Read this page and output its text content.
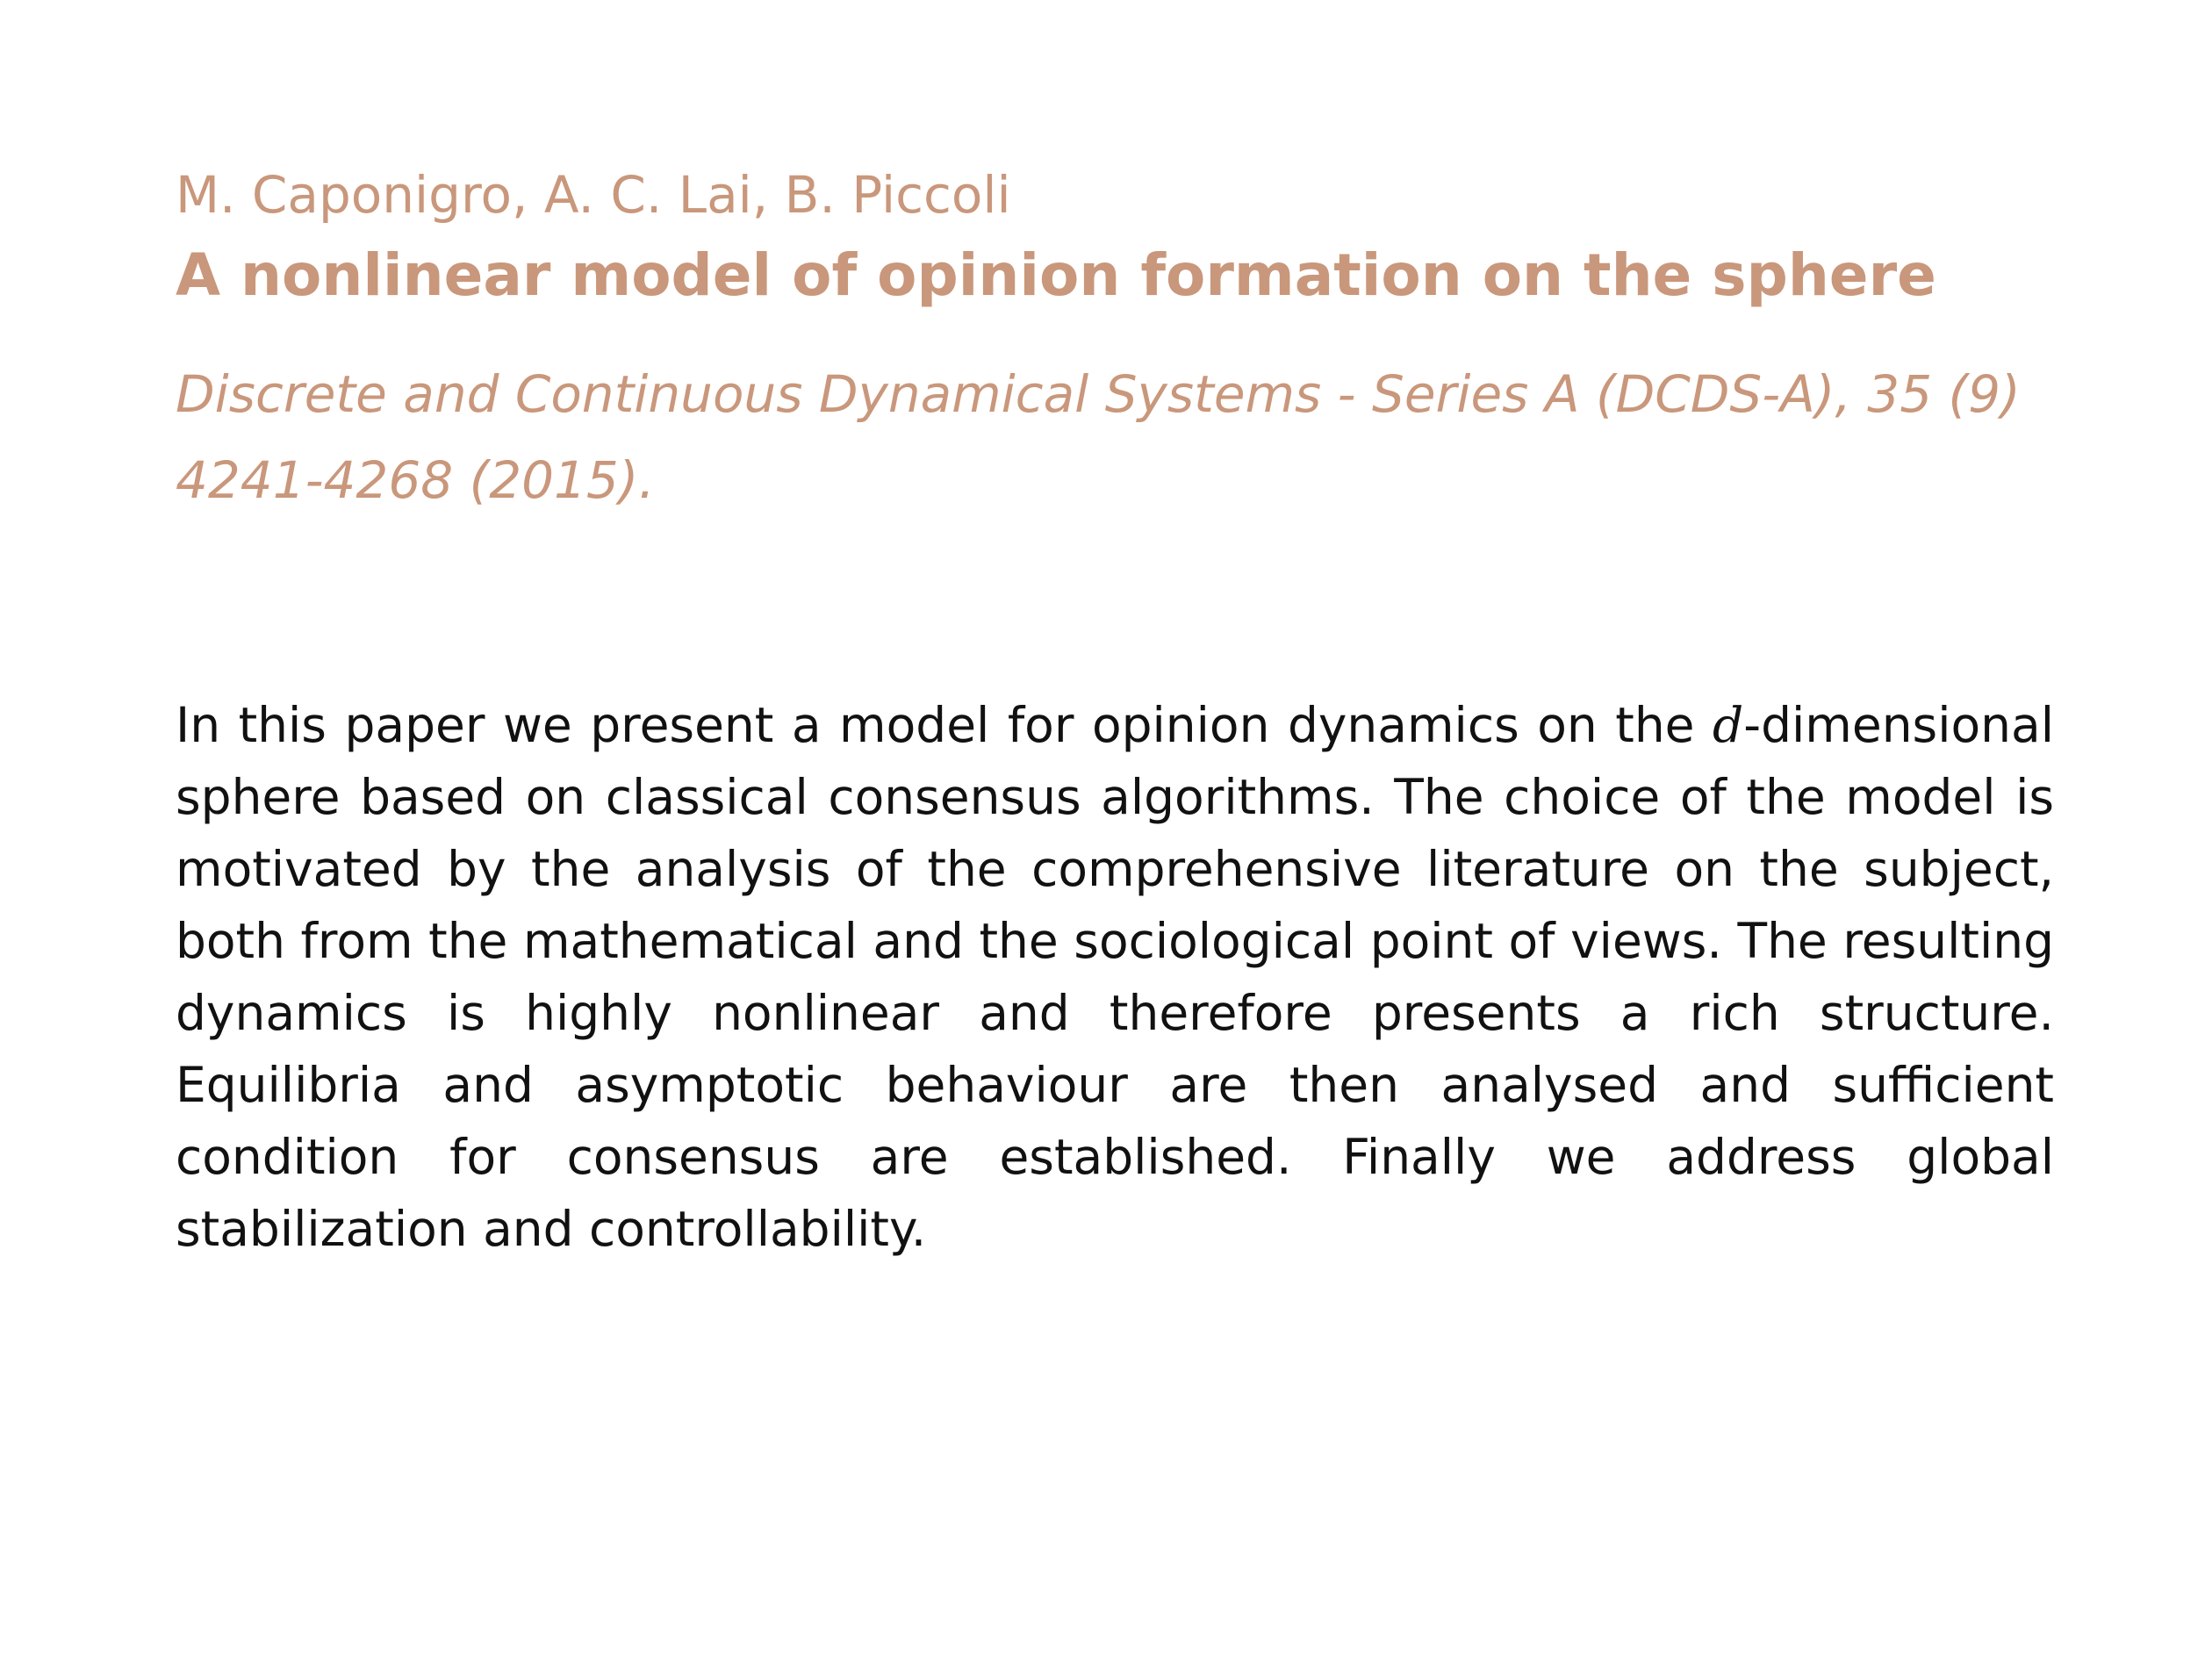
M. Caponigro, A. C. Lai, B. Piccoli

A nonlinear model of opinion formation on the sphere

Discrete and Continuous Dynamical Systems - Series A (DCDS-A), 35 (9) 4241-4268 (2015).

In this paper we present a model for opinion dynamics on the d-dimensional sphere based on classical consensus algorithms. The choice of the model is motivated by the analysis of the comprehensive literature on the subject, both from the mathematical and the sociological point of views. The resulting dynamics is highly nonlinear and therefore presents a rich structure. Equilibria and asymptotic behaviour are then analysed and sufficient condition for consensus are established. Finally we address global stabilization and controllability.
